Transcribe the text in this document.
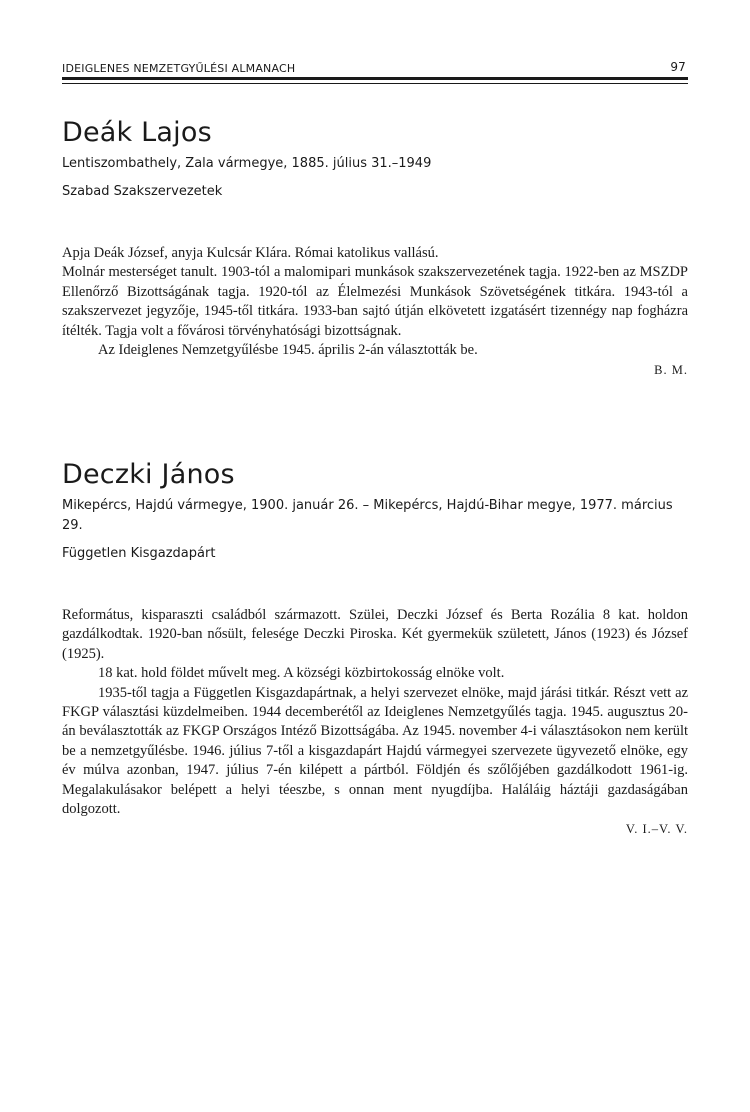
IDEIGLENES NEMZETGYŰLÉSI ALMANACH	97
Deák Lajos
Lentiszombathely, Zala vármegye, 1885. július 31.–1949
Szabad Szakszervezetek

Apja Deák József, anyja Kulcsár Klára. Római katolikus vallású.

Molnár mesterséget tanult. 1903-tól a malomipari munkások szakszervezetének tagja. 1922-ben az MSZDP Ellenőrző Bizottságának tagja. 1920-tól az Élelmezési Munkások Szövetségének titkára. 1943-tól a szakszervezet jegyzője, 1945-től titkára. 1933-ban sajtó útján elkövetett izgatásért tizennégy nap fogházra ítélték. Tagja volt a fővárosi törvényhatósági bizottságnak.

Az Ideiglenes Nemzetgyűlésbe 1945. április 2-án választották be.

B. M.
Deczki János
Mikepércs, Hajdú vármegye, 1900. január 26. – Mikepércs, Hajdú-Bihar megye, 1977. március 29.
Független Kisgazdapárt

Református, kisparaszti családból származott. Szülei, Deczki József és Berta Rozália 8 kat. holdon gazdálkodtak. 1920-ban nősült, felesége Deczki Piroska. Két gyermekük született, János (1923) és József (1925).

18 kat. hold földet művelt meg. A községi közbirtokosság elnöke volt.

1935-től tagja a Független Kisgazdapártnak, a helyi szervezet elnöke, majd járási titkár. Részt vett az FKGP választási küzdelmeiben. 1944 decemberétől az Ideiglenes Nemzetgyűlés tagja. 1945. augusztus 20-án beválasztották az FKGP Országos Intéző Bizottságába. Az 1945. november 4-i választásokon nem került be a nemzetgyűlésbe. 1946. július 7-től a kisgazdapárt Hajdú vármegyei szervezete ügyvezető elnöke, egy év múlva azonban, 1947. július 7-én kilépett a pártból. Földjén és szőlőjében gazdálkodott 1961-ig. Megalakulásakor belépett a helyi téeszbe, s onnan ment nyugdíjba. Haláláig háztáji gazdaságában dolgozott.

V. I.–V. V.
